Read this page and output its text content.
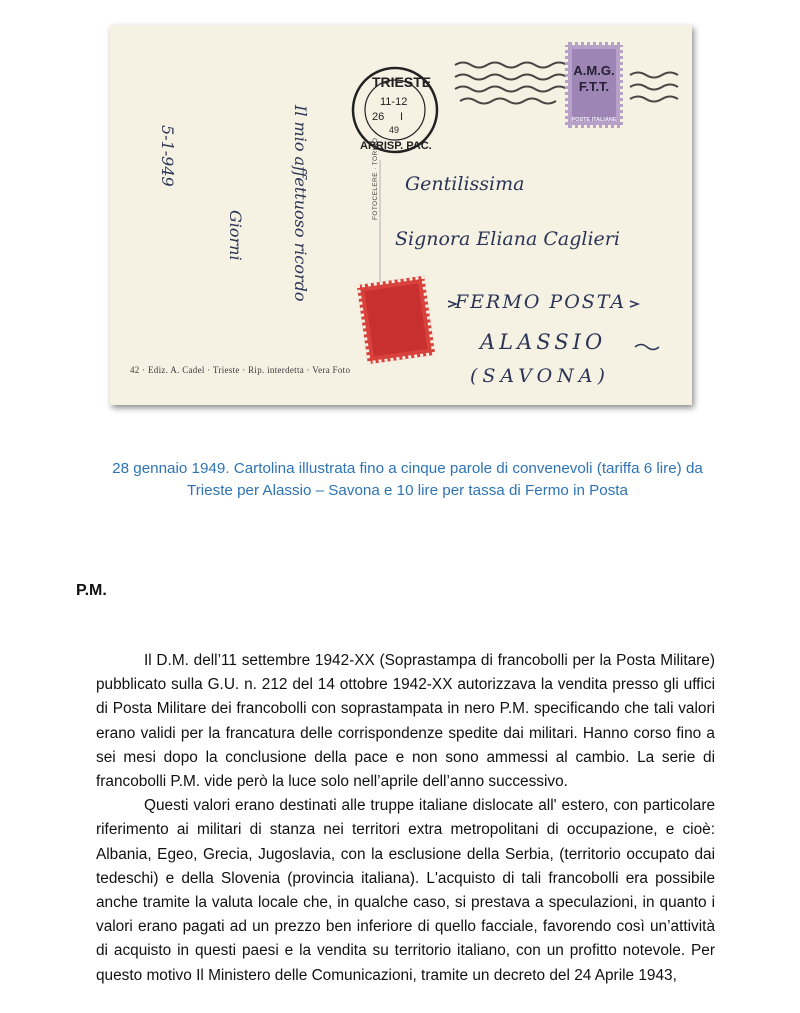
TRIESTE
11-12
26 I
49
ARRISP. PAC.
5-1-949
Giorni	Il mio affettuoso ricordo	Gentilissima
Signora Eliana Caglieri
FERMO POSTA
ALASSIO
(SAVONA)
FOTOCELERE · TORINO
42 · Ediz. A. Cadel · Trieste · Rip. interdetta · Vera Foto
A.M.G.
F.T.T.
POSTE ITALIANE
28 gennaio 1949. Cartolina illustrata fino a cinque parole di convenevoli (tariffa 6 lire) da Trieste per Alassio – Savona e 10 lire per tassa di Fermo in Posta
P.M.

Il D.M. dell’11 settembre 1942-XX (Soprastampa di francobolli per la Posta Militare) pubblicato sulla G.U. n. 212 del 14 ottobre 1942-XX autorizzava la vendita presso gli uffici di Posta Militare dei francobolli con soprastampata in nero P.M. specificando che tali valori erano validi per la francatura delle corrispondenze spedite dai militari. Hanno corso fino a sei mesi dopo la conclusione della pace e non sono ammessi al cambio. La serie di francobolli P.M. vide però la luce solo nell’aprile dell’anno successivo.

Questi valori erano destinati alle truppe italiane dislocate all' estero, con particolare riferimento ai militari di stanza nei territori extra metropolitani di occupazione, e cioè: Albania, Egeo, Grecia, Jugoslavia, con la esclusione della Serbia, (territorio occupato dai tedeschi) e della Slovenia (provincia italiana). L'acquisto di tali francobolli era possibile anche tramite la valuta locale che, in qualche caso, si prestava a speculazioni, in quanto i valori erano pagati ad un prezzo ben inferiore di quello facciale, favorendo così un’attività di acquisto in questi paesi e la vendita su territorio italiano, con un profitto notevole. Per questo motivo Il Ministero delle Comunicazioni, tramite un decreto del 24 Aprile 1943,
